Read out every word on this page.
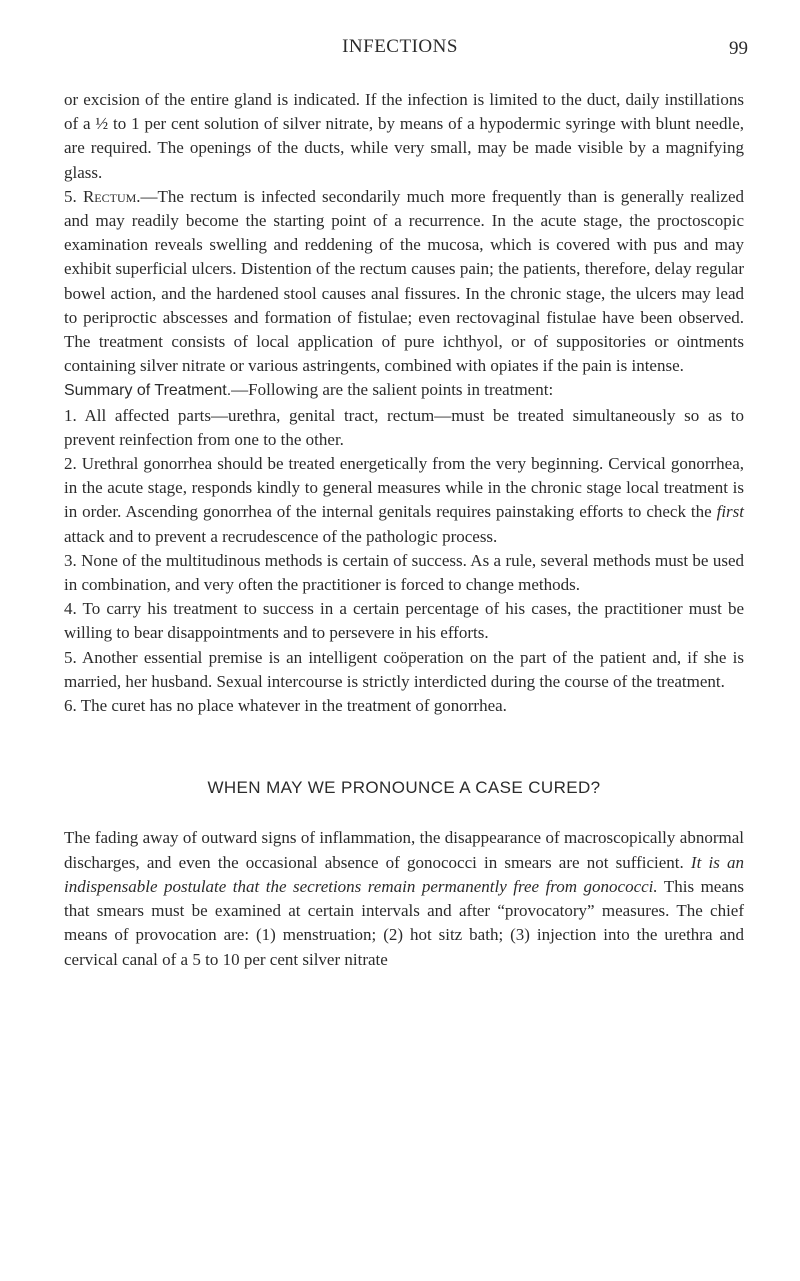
INFECTIONS	99

or excision of the entire gland is indicated. If the infection is limited to the duct, daily instillations of a ½ to 1 per cent solution of silver nitrate, by means of a hypodermic syringe with blunt needle, are required. The openings of the ducts, while very small, may be made visible by a magnifying glass.

5. Rectum.—The rectum is infected secondarily much more frequently than is generally realized and may readily become the starting point of a recurrence. In the acute stage, the proctoscopic examination reveals swelling and reddening of the mucosa, which is covered with pus and may exhibit superficial ulcers. Distention of the rectum causes pain; the patients, therefore, delay regular bowel action, and the hardened stool causes anal fissures. In the chronic stage, the ulcers may lead to periproctic abscesses and formation of fistulae; even rectovaginal fistulae have been observed. The treatment consists of local application of pure ichthyol, or of suppositories or ointments containing silver nitrate or various astringents, combined with opiates if the pain is intense.

Summary of Treatment.—Following are the salient points in treatment:

1. All affected parts—urethra, genital tract, rectum—must be treated simultaneously so as to prevent reinfection from one to the other.

2. Urethral gonorrhea should be treated energetically from the very beginning. Cervical gonorrhea, in the acute stage, responds kindly to general measures while in the chronic stage local treatment is in order. Ascending gonorrhea of the internal genitals requires painstaking efforts to check the first attack and to prevent a recrudescence of the pathologic process.

3. None of the multitudinous methods is certain of success. As a rule, several methods must be used in combination, and very often the practitioner is forced to change methods.

4. To carry his treatment to success in a certain percentage of his cases, the practitioner must be willing to bear disappointments and to persevere in his efforts.

5. Another essential premise is an intelligent coöperation on the part of the patient and, if she is married, her husband. Sexual intercourse is strictly interdicted during the course of the treatment.

6. The curet has no place whatever in the treatment of gonorrhea.

WHEN MAY WE PRONOUNCE A CASE CURED?

The fading away of outward signs of inflammation, the disappearance of macroscopically abnormal discharges, and even the occasional absence of gonococci in smears are not sufficient. It is an indispensable postulate that the secretions remain permanently free from gonococci. This means that smears must be examined at certain intervals and after “provocatory” measures. The chief means of provocation are: (1) menstruation; (2) hot sitz bath; (3) injection into the urethra and cervical canal of a 5 to 10 per cent silver nitrate
